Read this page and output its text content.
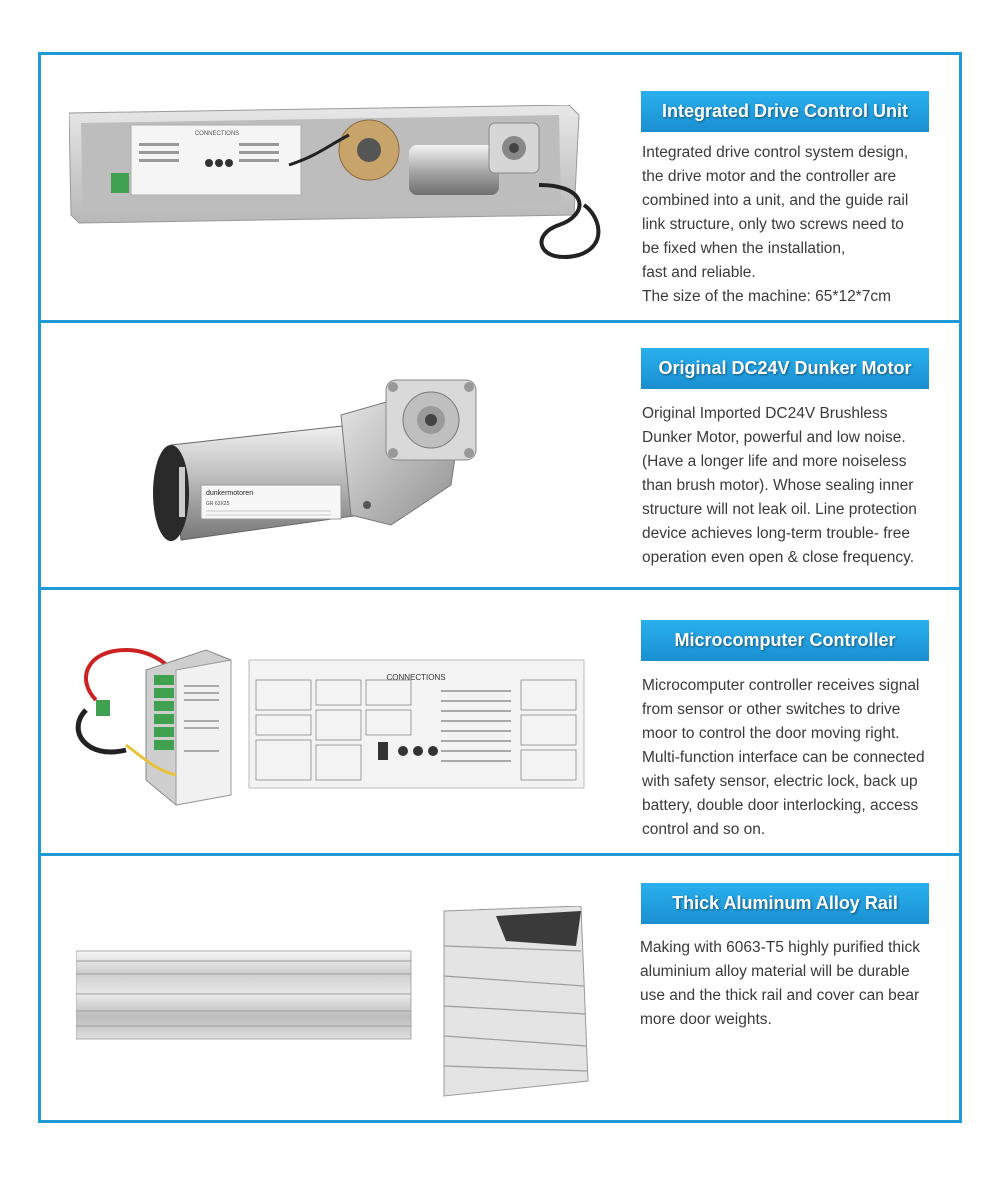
CONNECTIONS
Integrated Drive Control Unit

Integrated drive control system design,

the drive motor and the controller are

combined into a unit, and the guide rail

link structure, only two screws need to

be fixed when the installation,

fast and reliable.

The size of the machine: 65*12*7cm

dunkermotoren
GR 63X25
Original DC24V Dunker Motor

Original Imported DC24V Brushless

Dunker Motor, powerful and low noise.

(Have a longer life and more noiseless

than brush motor). Whose sealing inner

structure will not leak oil. Line protection

device achieves long-term trouble- free

operation even open & close frequency.

CONNECTIONS
Microcomputer Controller

Microcomputer controller receives signal

from sensor or other switches to drive

moor to control the door moving right.

Multi-function interface can be connected

with safety sensor, electric lock, back up

battery, double door interlocking, access

control and so on.

Thick Aluminum Alloy Rail

Making with 6063-T5 highly purified thick

aluminium alloy material will be durable

use and the thick rail and cover can bear

more door weights.
